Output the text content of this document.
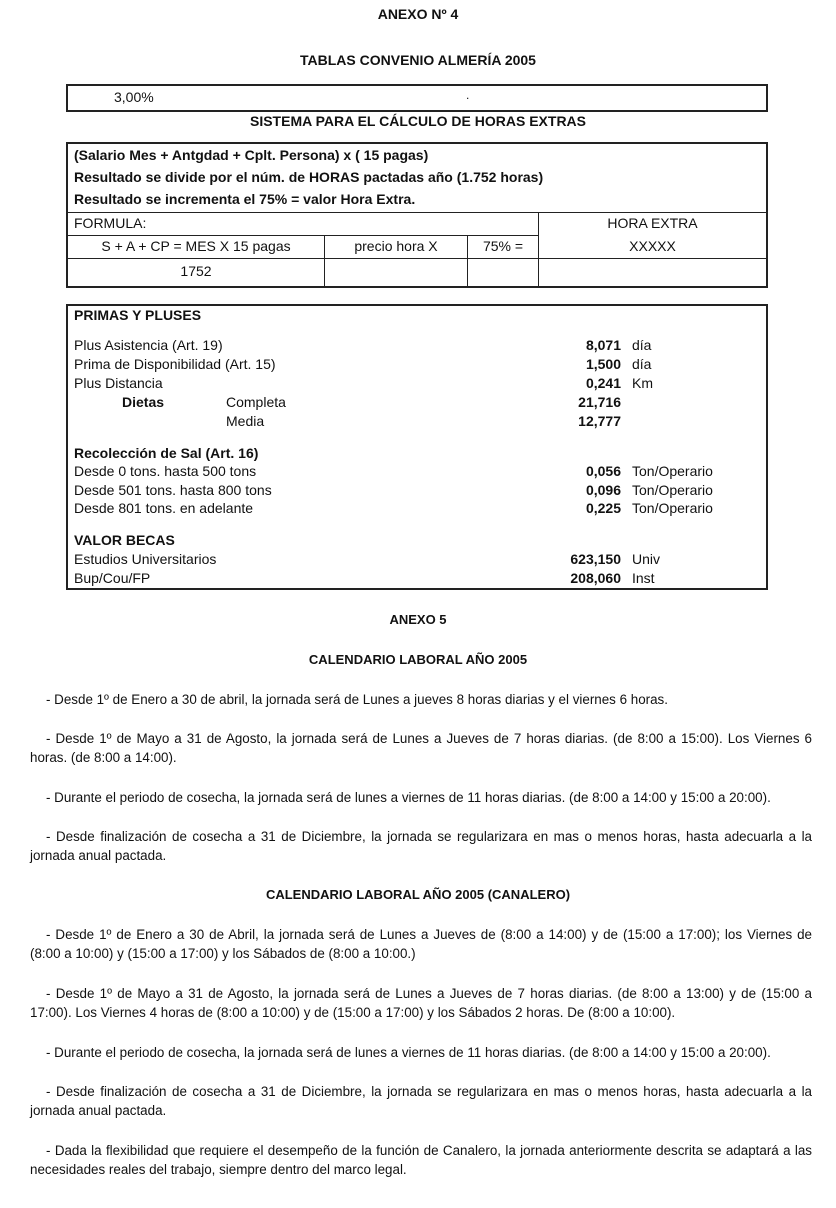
ANEXO Nº 4
TABLAS CONVENIO ALMERÍA 2005
3,00%	.
SISTEMA PARA EL CÁLCULO DE HORAS EXTRAS
(Salario Mes + Antgdad + Cplt. Persona) x ( 15 pagas)
Resultado se divide por el núm. de HORAS pactadas año (1.752 horas)
Resultado se incrementa el 75% = valor Hora Extra.
FORMULA:	HORA EXTRA
S + A + CP = MES X 15 pagas	precio hora X	75% =	XXXXX
1752
PRIMAS Y PLUSES
Plus Asistencia (Art. 19)	8,071 día
Prima de Disponibilidad (Art. 15)	1,500 día
Plus Distancia	0,241 Km
Dietas	Completa	21,716
Media	12,777
Recolección de Sal (Art. 16)
Desde 0 tons. hasta 500 tons	0,056 Ton/Operario
Desde 501 tons. hasta 800 tons	0,096 Ton/Operario
Desde 801 tons. en adelante	0,225 Ton/Operario
VALOR BECAS
Estudios Universitarios	623,150 Univ
Bup/Cou/FP	208,060 Inst
ANEXO 5
CALENDARIO LABORAL AÑO 2005
- Desde 1º de Enero a 30 de abril, la jornada será de Lunes a jueves 8 horas diarias y el viernes 6 horas.
- Desde 1º de Mayo a 31 de Agosto, la jornada será de Lunes a Jueves de 7 horas diarias. (de 8:00 a 15:00). Los Viernes 6 horas. (de 8:00 a 14:00).
- Durante el periodo de cosecha, la jornada será de lunes a viernes de 11 horas diarias. (de 8:00 a 14:00 y 15:00 a 20:00).
- Desde finalización de cosecha a 31 de Diciembre, la jornada se regularizara en mas o menos horas, hasta adecuarla a la jornada anual pactada.
CALENDARIO LABORAL AÑO 2005 (CANALERO)
- Desde 1º de Enero a 30 de Abril, la jornada será de Lunes a Jueves de (8:00 a 14:00) y de (15:00 a 17:00); los Viernes de (8:00 a 10:00) y (15:00 a 17:00) y los Sábados de (8:00 a 10:00.)
- Desde 1º de Mayo a 31 de Agosto, la jornada será de Lunes a Jueves de 7 horas diarias. (de 8:00 a 13:00) y de (15:00 a 17:00). Los Viernes 4 horas de (8:00 a 10:00) y de (15:00 a 17:00) y los Sábados 2 horas. De (8:00 a 10:00).
- Durante el periodo de cosecha, la jornada será de lunes a viernes de 11 horas diarias. (de 8:00 a 14:00 y 15:00 a 20:00).
- Desde finalización de cosecha a 31 de Diciembre, la jornada se regularizara en mas o menos horas, hasta adecuarla a la jornada anual pactada.
- Dada la flexibilidad que requiere el desempeño de la función de Canalero, la jornada anteriormente descrita se adaptará a las necesidades reales del trabajo, siempre dentro del marco legal.
